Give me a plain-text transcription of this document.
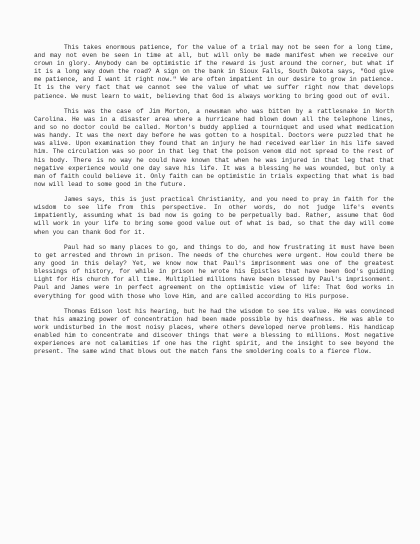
This takes enormous patience, for the value of a trial may not be seen for a long time, and may not even be seen in time at all, but will only be made manifest when we receive our crown in glory. Anybody can be optimistic if the reward is just around the corner, but what if it is a long way down the road? A sign on the bank in Sioux Falls, South Dakota says, "God give me patience, and I want it right now." We are often impatient in our desire to grow in patience. It is the very fact that we cannot see the value of what we suffer right now that develops patience. We must learn to wait, believing that God is always working to bring good out of evil.

This was the case of Jim Morton, a newsman who was bitten by a rattlesnake in North Carolina. He was in a disaster area where a hurricane had blown down all the telephone lines, and so no doctor could be called. Morton's buddy applied a tourniquet and used what medication was handy. It was the next day before he was gotten to a hospital. Doctors were puzzled that he was alive. Upon examination they found that an injury he had received earlier in his life saved him. The circulation was so poor in that leg that the poison venom did not spread to the rest of his body. There is no way he could have known that when he was injured in that leg that that negative experience would one day save his life. It was a blessing he was wounded, but only a man of faith could believe it. Only faith can be optimistic in trials expecting that what is bad now will lead to some good in the future.

James says, this is just practical Christianity, and you need to pray in faith for the wisdom to see life from this perspective. In other words, do not judge life's events impatiently, assuming what is bad now is going to be perpetually bad. Rather, assume that God will work in your life to bring some good value out of what is bad, so that the day will come when you can thank God for it.

Paul had so many places to go, and things to do, and how frustrating it must have been to get arrested and thrown in prison. The needs of the churches were urgent. How could there be any good in this delay? Yet, we know now that Paul's imprisonment was one of the greatest blessings of history, for while in prison he wrote his Epistles that have been God's guiding Light for His church for all time. Multiplied millions have been blessed by Paul's imprisonment. Paul and James were in perfect agreement on the optimistic view of life: That God works in everything for good with those who love Him, and are called according to His purpose.

Thomas Edison lost his hearing, but he had the wisdom to see its value. He was convinced that his amazing power of concentration had been made possible by his deafness. He was able to work undisturbed in the most noisy places, where others developed nerve problems. His handicap enabled him to concentrate and discover things that were a blessing to millions. Most negative experiences are not calamities if one has the right spirit, and the insight to see beyond the present. The same wind that blows out the match fans the smoldering coals to a fierce flow.
